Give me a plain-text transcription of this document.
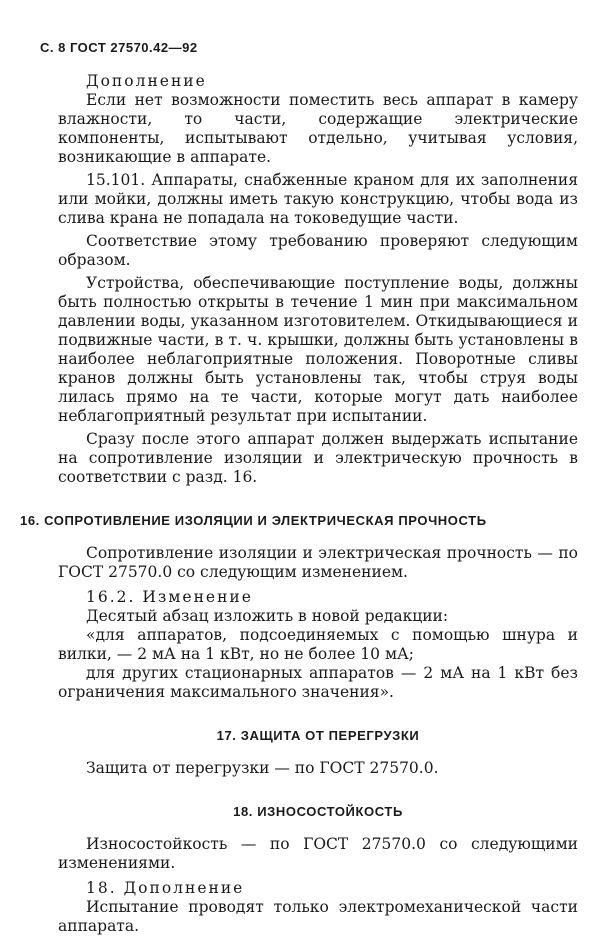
С. 8 ГОСТ 27570.42—92

Дополнение

Если нет возможности поместить весь аппарат в камеру влажности, то части, содержащие электрические компоненты, испытывают отдельно, учитывая условия, возникающие в аппарате.

15.101. Аппараты, снабженные краном для их заполнения или мойки, должны иметь такую конструкцию, чтобы вода из слива крана не попадала на токоведущие части.

Соответствие этому требованию проверяют следующим образом.

Устройства, обеспечивающие поступление воды, должны быть полностью открыты в течение 1 мин при максимальном давлении воды, указанном изготовителем. Откидывающиеся и подвижные части, в т. ч. крышки, должны быть установлены в наиболее неблагоприятные положения. Поворотные сливы кранов должны быть установлены так, чтобы струя воды лилась прямо на те части, которые могут дать наиболее неблагоприятный результат при испытании.

Сразу после этого аппарат должен выдержать испытание на сопротивление изоляции и электрическую прочность в соответствии с разд. 16.

16. СОПРОТИВЛЕНИЕ ИЗОЛЯЦИИ И ЭЛЕКТРИЧЕСКАЯ ПРОЧНОСТЬ

Сопротивление изоляции и электрическая прочность — по ГОСТ 27570.0 со следующим изменением.

16.2. Изменение

Десятый абзац изложить в новой редакции:

«для аппаратов, подсоединяемых с помощью шнура и вилки, — 2 мА на 1 кВт, но не более 10 мА;

для других стационарных аппаратов — 2 мА на 1 кВт без ограничения максимального значения».

17. ЗАЩИТА ОТ ПЕРЕГРУЗКИ

Защита от перегрузки — по ГОСТ 27570.0.

18. ИЗНОСОСТОЙКОСТЬ

Износостойкость — по ГОСТ 27570.0 со следующими изменениями.

18. Дополнение

Испытание проводят только электромеханической части аппарата.
